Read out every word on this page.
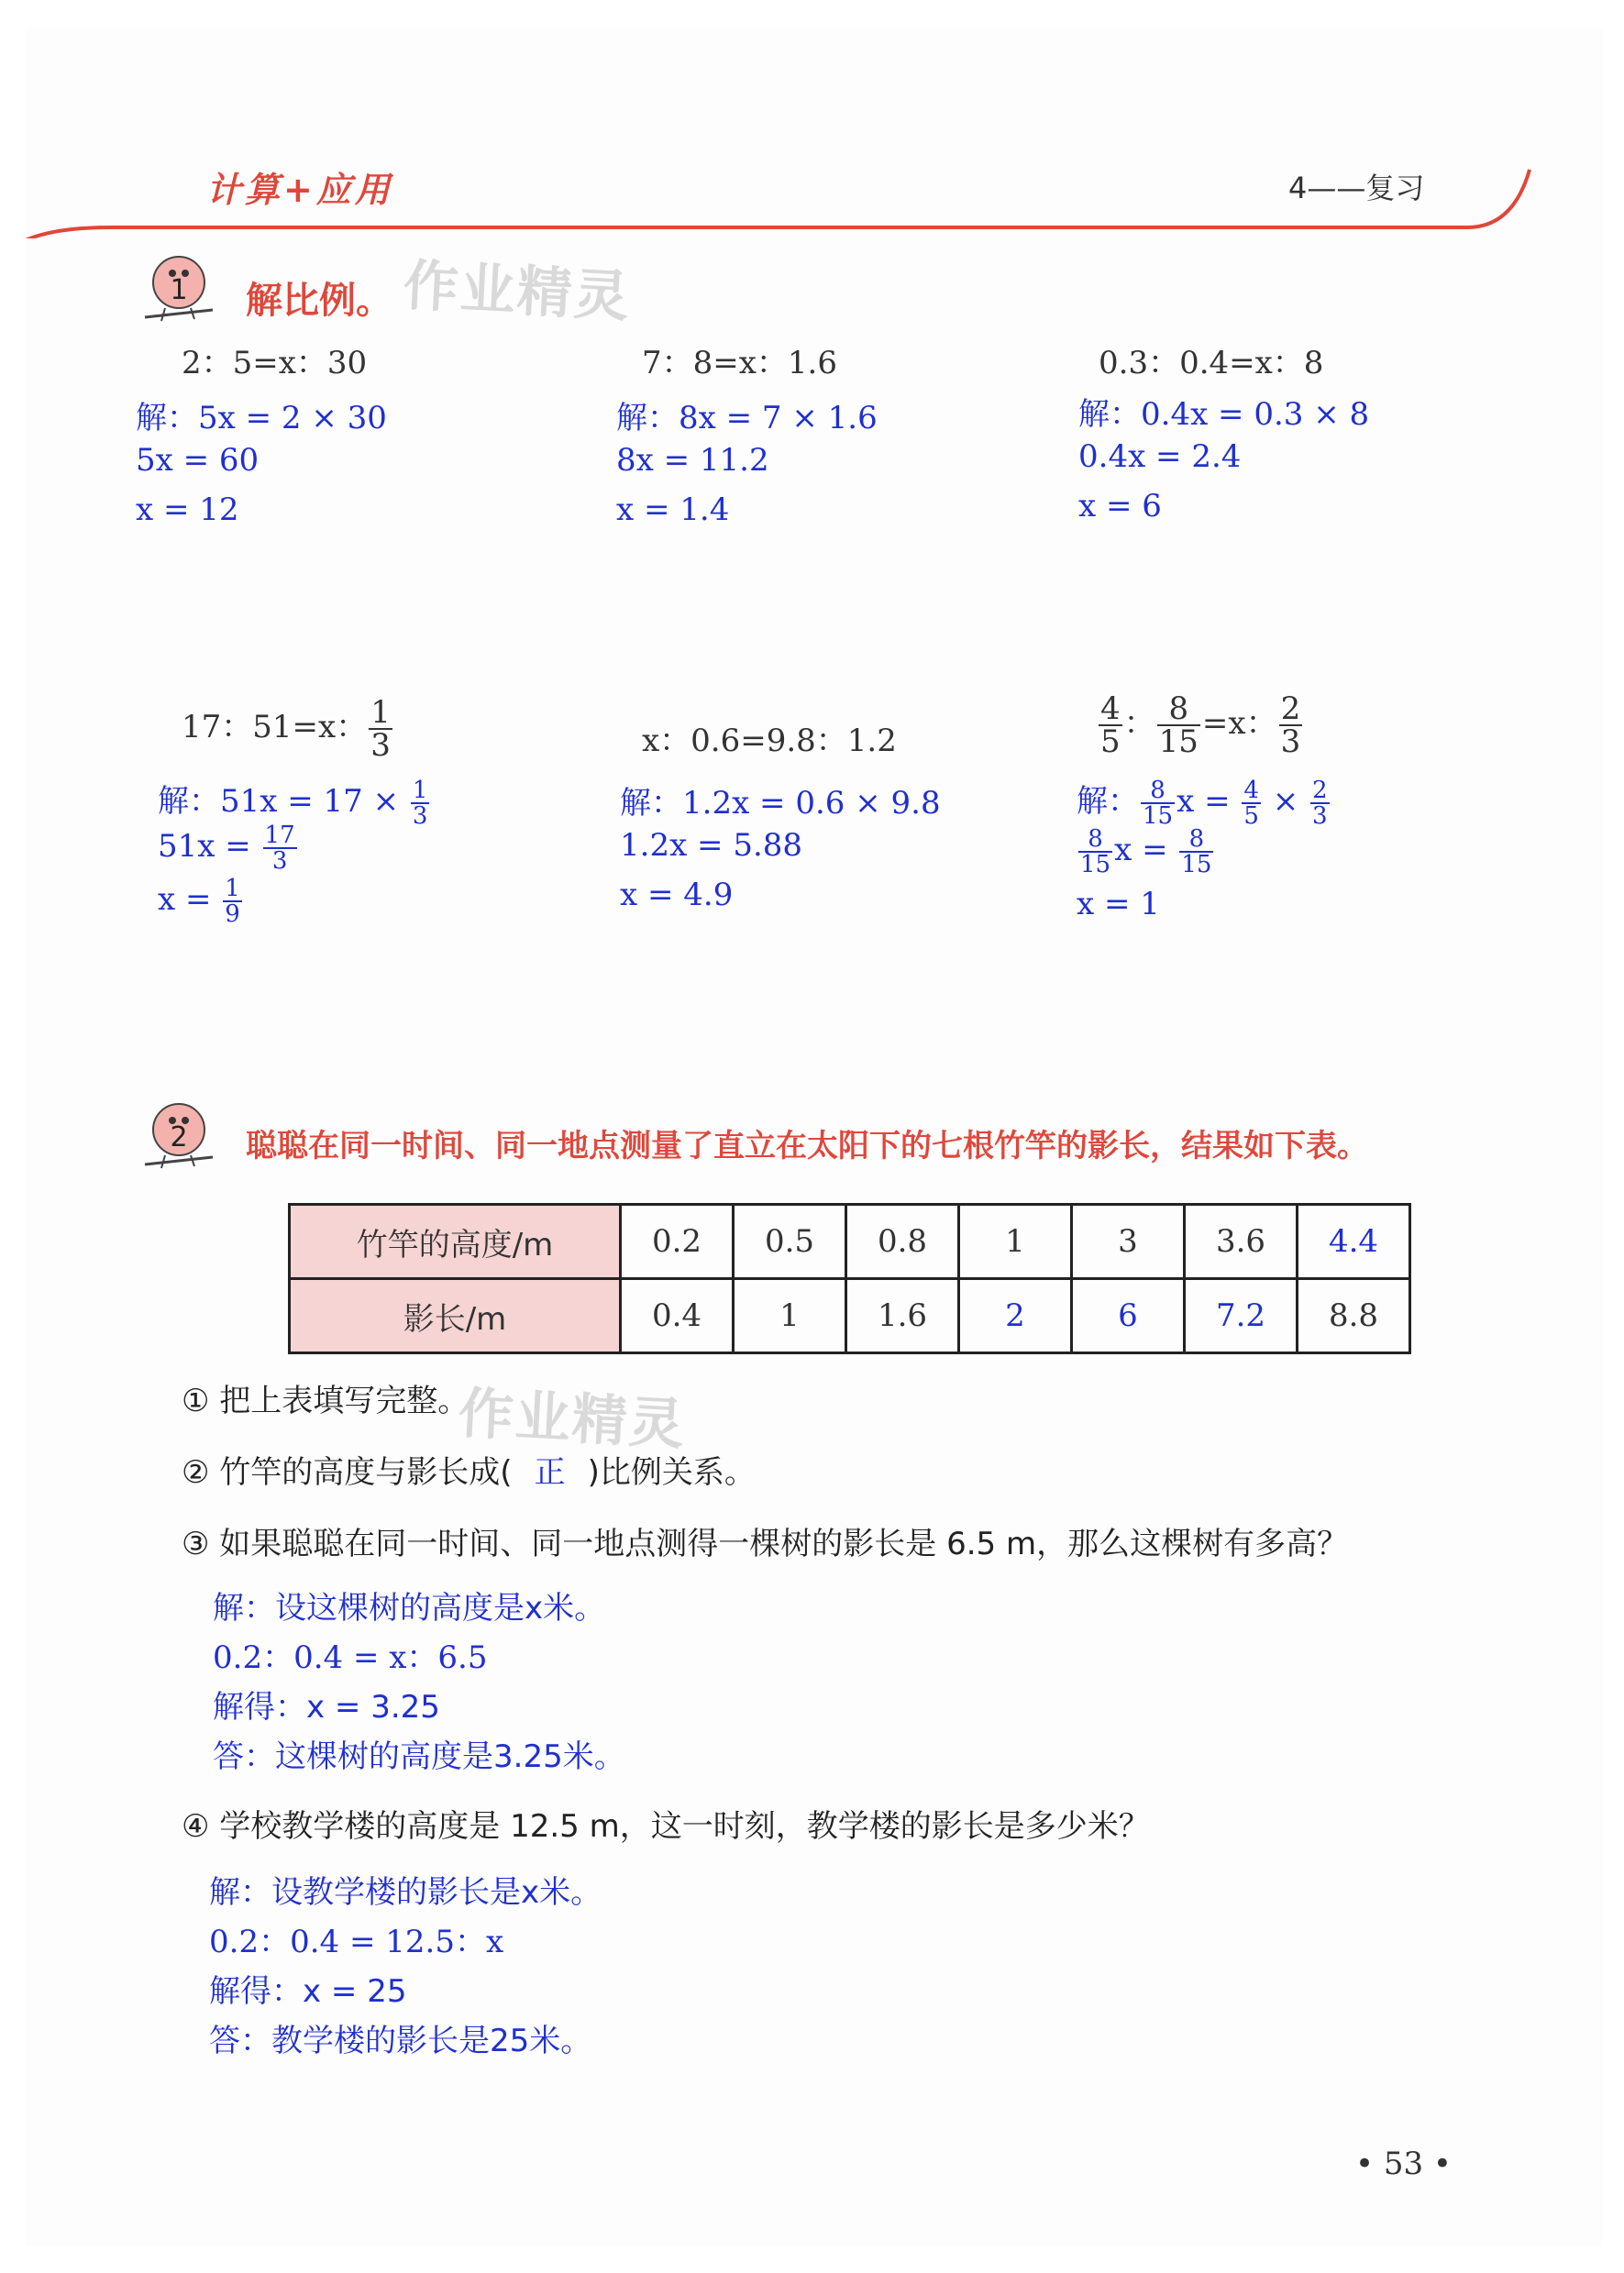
计算+应用	4——复习
1 解比例。 作业精灵
2：5=x：30
解：5x = 2 × 30
5x = 60
x = 12
7：8=x：1.6
解：8x = 7 × 1.6
8x = 11.2
x = 1.4
0.3：0.4=x：8
解：0.4x = 0.3 × 8
0.4x = 2.4
x = 6
17：51=x： $\frac{1}{3}$
解：$51x = 17 \times \frac{1}{3}$
$51x = \frac{17}{3}$
$x = \frac{1}{9}$
x：0.6=9.8：1.2
解：1.2x = 0.6 × 9.8
1.2x = 5.88
x = 4.9
$\frac{4}{5}$ ： $\frac{8}{15} =x$： $\frac{2}{3}$
解： $\frac{8}{15}$ $x = \frac{4}{5} \times \frac{2}{3}$
$\frac{8}{15}$ $x = \frac{8}{15}$
x = 1
2 聪聪在同一时间、同一地点测量了直立在太阳下的七根竹竿的影长，结果如下表。
竹竿的高度/m	0.2	0.5	0.8	1	3	3.6	4.4
影长/m	0.4	1	1.6	2	6	7.2	8.8
① 把上表填写完整。
作业精灵
② 竹竿的高度与影长成( 正 )比例关系。
③ 如果聪聪在同一时间、同一地点测得一棵树的影长是 6.5 m，那么这棵树有多高？
解：设这棵树的高度是x米。
0.2：0.4 = x：6.5
解得：x = 3.25
答：这棵树的高度是3.25米。
④ 学校教学楼的高度是 12.5 m，这一时刻，教学楼的影长是多少米？
解：设教学楼的影长是x米。
0.2：0.4 = 12.5：x
解得：x = 25
答：教学楼的影长是25米。
• 53 •
